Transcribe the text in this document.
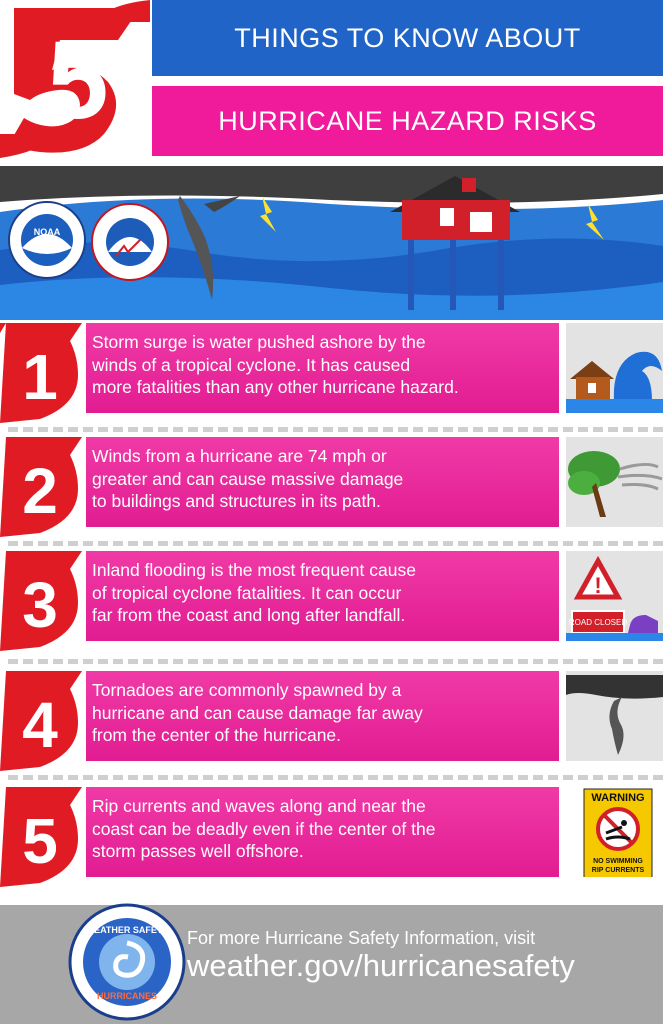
5	THINGS TO KNOW ABOUT
HURRICANE HAZARD RISKS
NOAA
1 Storm surge is water pushed ashore by the
winds of a tropical cyclone. It has caused
more fatalities than any other hurricane hazard.
2 Winds from a hurricane are 74 mph or
greater and can cause massive damage
to buildings and structures in its path.
3 Inland flooding is the most frequent cause
of tropical cyclone fatalities. It can occur
far from the coast and long after landfall.
!
ROAD CLOSED
4 Tornadoes are commonly spawned by a
hurricane and can cause damage far away
from the center of the hurricane.
5 Rip currents and waves along and near the
coast can be deadly even if the center of the
storm passes well offshore.
WARNING
NO SWIMMING
RIP CURRENTS
WEATHER SAFETY
HURRICANES
For more Hurricane Safety Information, visit
weather.gov/hurricanesafety
